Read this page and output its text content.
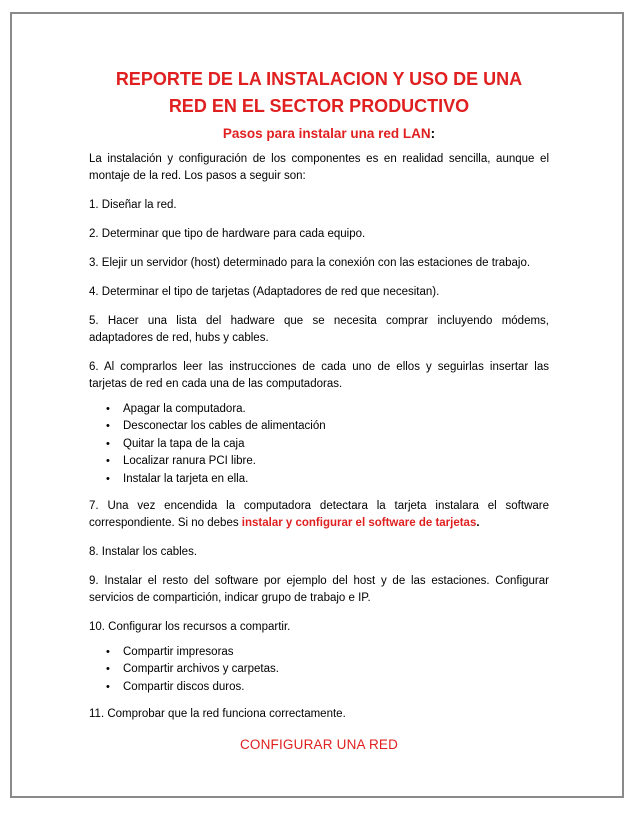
REPORTE DE LA INSTALACION Y USO DE UNA
RED EN EL SECTOR PRODUCTIVO
Pasos para instalar una red LAN:

La instalación y configuración de los componentes es en realidad sencilla, aunque el montaje de la red. Los pasos a seguir son:

1. Diseñar la red.

2. Determinar que tipo de hardware para cada equipo.

3. Elejir un servidor (host) determinado para la conexión con las estaciones de trabajo.

4. Determinar el tipo de tarjetas (Adaptadores de red que necesitan).

5. Hacer una lista del hadware que se necesita comprar incluyendo módems, adaptadores de red, hubs y cables.

6. Al comprarlos leer las instrucciones de cada uno de ellos y seguirlas insertar las tarjetas de red en cada una de las computadoras.

• Apagar la computadora.
• Desconectar los cables de alimentación
• Quitar la tapa de la caja
• Localizar ranura PCI libre.
• Instalar la tarjeta en ella.

7. Una vez encendida la computadora detectara la tarjeta instalara el software correspondiente. Si no debes instalar y configurar el software de tarjetas.

8. Instalar los cables.

9. Instalar el resto del software por ejemplo del host y de las estaciones. Configurar servicios de compartición, indicar grupo de trabajo e IP.

10. Configurar los recursos a compartir.

• Compartir impresoras
• Compartir archivos y carpetas.
• Compartir discos duros.

11. Comprobar que la red funciona correctamente.

CONFIGURAR UNA RED
